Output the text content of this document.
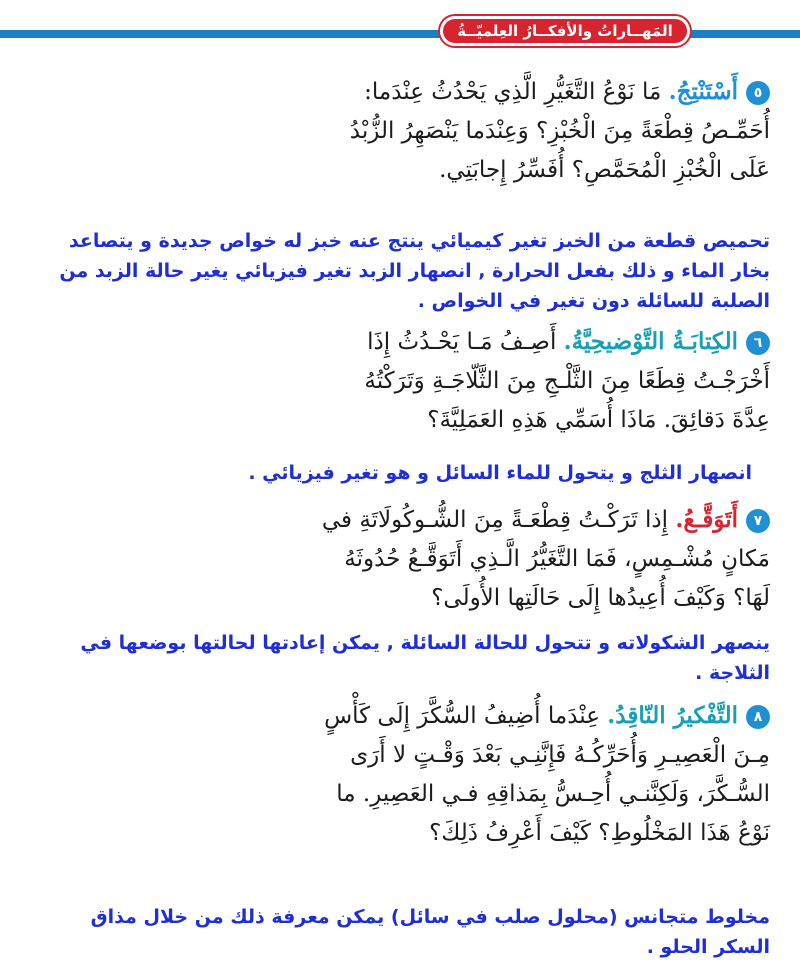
المَهــاراتُ والأفكــارُ العِلميّــةُ
٥أَسْتَنْتِجُ. مَا نَوْعُ التَّغَيُّرِ الَّذِي يَحْدُثُ عِنْدَما:
أُحَمِّـصُ قِطْعَةً مِنَ الْخُبْزِ؟ وَعِنْدَما يَنْصَهِرُ الزُّبْدُ
عَلَى الْخُبْزِ الْمُحَمَّصِ؟ أُفَسِّرُ إِجابَتِي.
تحميص قطعة من الخبز تغير كيميائي ينتج عنه خبز له خواص جديدة و يتصاعد بخار الماء و ذلك بفعل الحرارة , انصهار الزبد تغير فيزيائي يغير حالة الزبد من الصلبة للسائلة دون تغير في الخواص .
٦الكِتابَـةُ التَّوْضيحِيَّةُ. أَصِـفُ مَـا يَحْـدُثُ إِذَا
أَخْرَجْـتُ قِطَعًا مِنَ الثَّلْـجِ مِنَ الثَّلّاجَـةِ وَتَرَكْتُهُ
عِدَّةَ دَقائِقَ. مَاذَا أُسَمِّي هَذِهِ العَمَلِيَّةَ؟
انصهار الثلج و يتحول للماء السائل و هو تغير فيزيائي .
٧أَتَوَقَّـعُ. إِذا تَرَكْـتُ قِطْعَـةً مِنَ الشُّـوكُولَاتَةِ في
مَكانٍ مُشْـمِسٍ، فَمَا التَّغَيُّرُ الَّـذِي أَتَوَقَّـعُ حُدُوثَهُ
لَهَا؟ وَكَيْفَ أُعِيدُها إِلَى حَالَتِها الأُولَى؟
ينصهر الشكولاته و تتحول للحالة السائلة , يمكن إعادتها لحالتها بوضعها في الثلاجة .
٨التَّفْكيرُ النّاقِدُ. عِنْدَما أُضِيفُ السُّكَّرَ إِلَى كَأْسٍ
مِـنَ الْعَصِيـرِ وَأُحَرِّكُـهُ فَإِنَّنِـي بَعْدَ وَقْـتٍ لا أَرَى
السُّـكَّرَ، وَلَكِنَّنـي أُحِـسُّ بِمَذاقِهِ فـي العَصِيرِ. ما
نَوْعُ هَذَا المَخْلُوطِ؟ كَيْفَ أَعْرِفُ ذَلِكَ؟
مخلوط متجانس (محلول صلب في سائل) يمكن معرفة ذلك من خلال مذاق السكر الحلو .
